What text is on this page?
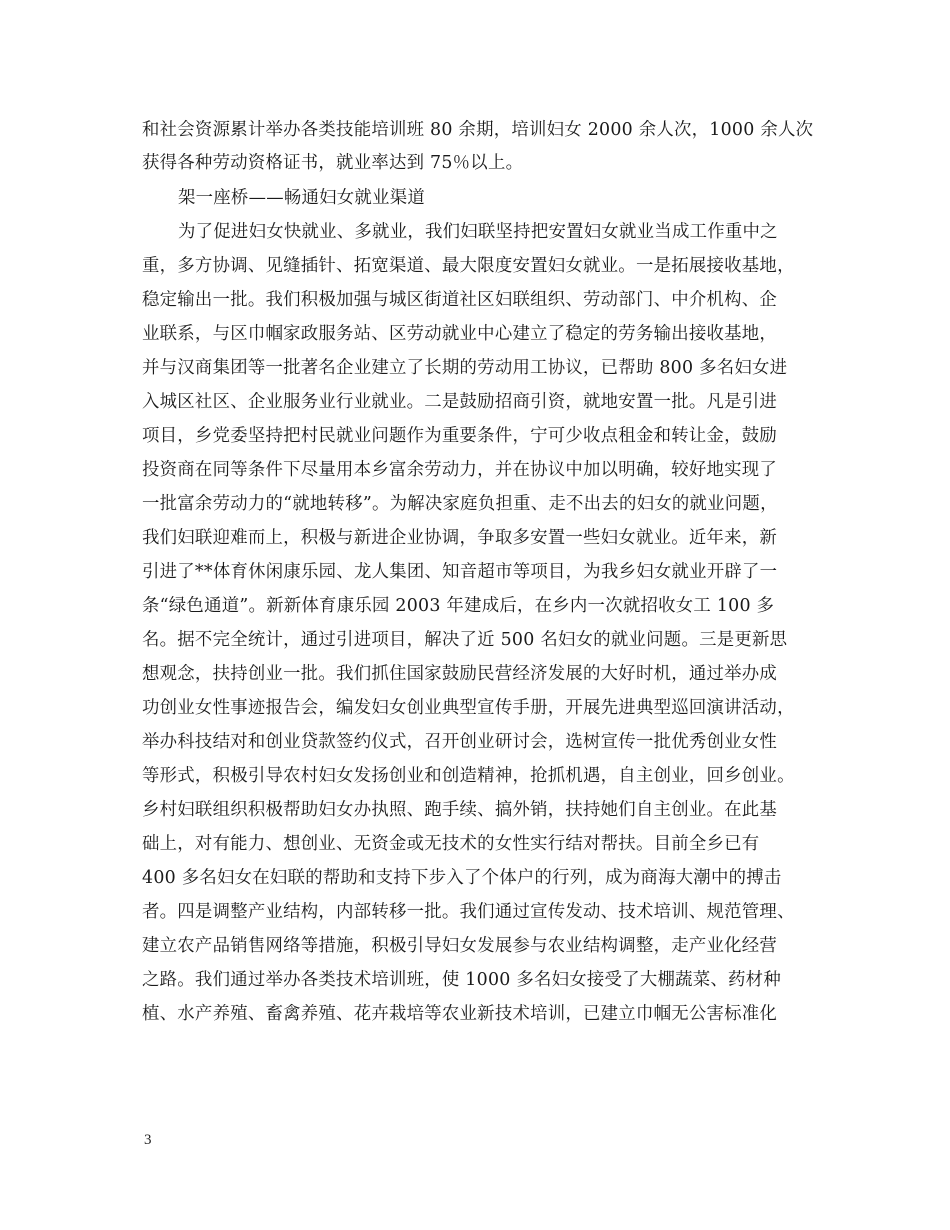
和社会资源累计举办各类技能培训班 80 余期，培训妇女 2000 余人次，1000 余人次
获得各种劳动资格证书，就业率达到 75％以上。
架一座桥——畅通妇女就业渠道
为了促进妇女快就业、多就业，我们妇联坚持把安置妇女就业当成工作重中之
重，多方协调、见缝插针、拓宽渠道、最大限度安置妇女就业。一是拓展接收基地，
稳定输出一批。我们积极加强与城区街道社区妇联组织、劳动部门、中介机构、企
业联系，与区巾帼家政服务站、区劳动就业中心建立了稳定的劳务输出接收基地，
并与汉商集团等一批著名企业建立了长期的劳动用工协议，已帮助 800 多名妇女进
入城区社区、企业服务业行业就业。二是鼓励招商引资，就地安置一批。凡是引进
项目，乡党委坚持把村民就业问题作为重要条件，宁可少收点租金和转让金，鼓励
投资商在同等条件下尽量用本乡富余劳动力，并在协议中加以明确，较好地实现了
一批富余劳动力的“就地转移”。为解决家庭负担重、走不出去的妇女的就业问题，
我们妇联迎难而上，积极与新进企业协调，争取多安置一些妇女就业。近年来，新
引进了**体育休闲康乐园、龙人集团、知音超市等项目，为我乡妇女就业开辟了一
条“绿色通道”。新新体育康乐园 2003 年建成后，在乡内一次就招收女工 100 多
名。据不完全统计，通过引进项目，解决了近 500 名妇女的就业问题。三是更新思
想观念，扶持创业一批。我们抓住国家鼓励民营经济发展的大好时机，通过举办成
功创业女性事迹报告会，编发妇女创业典型宣传手册，开展先进典型巡回演讲活动，
举办科技结对和创业贷款签约仪式，召开创业研讨会，选树宣传一批优秀创业女性
等形式，积极引导农村妇女发扬创业和创造精神，抢抓机遇，自主创业，回乡创业。
乡村妇联组织积极帮助妇女办执照、跑手续、搞外销，扶持她们自主创业。在此基
础上，对有能力、想创业、无资金或无技术的女性实行结对帮扶。目前全乡已有
400 多名妇女在妇联的帮助和支持下步入了个体户的行列，成为商海大潮中的搏击
者。四是调整产业结构，内部转移一批。我们通过宣传发动、技术培训、规范管理、
建立农产品销售网络等措施，积极引导妇女发展参与农业结构调整，走产业化经营
之路。我们通过举办各类技术培训班，使 1000 多名妇女接受了大棚蔬菜、药材种
植、水产养殖、畜禽养殖、花卉栽培等农业新技术培训，已建立巾帼无公害标准化
3
